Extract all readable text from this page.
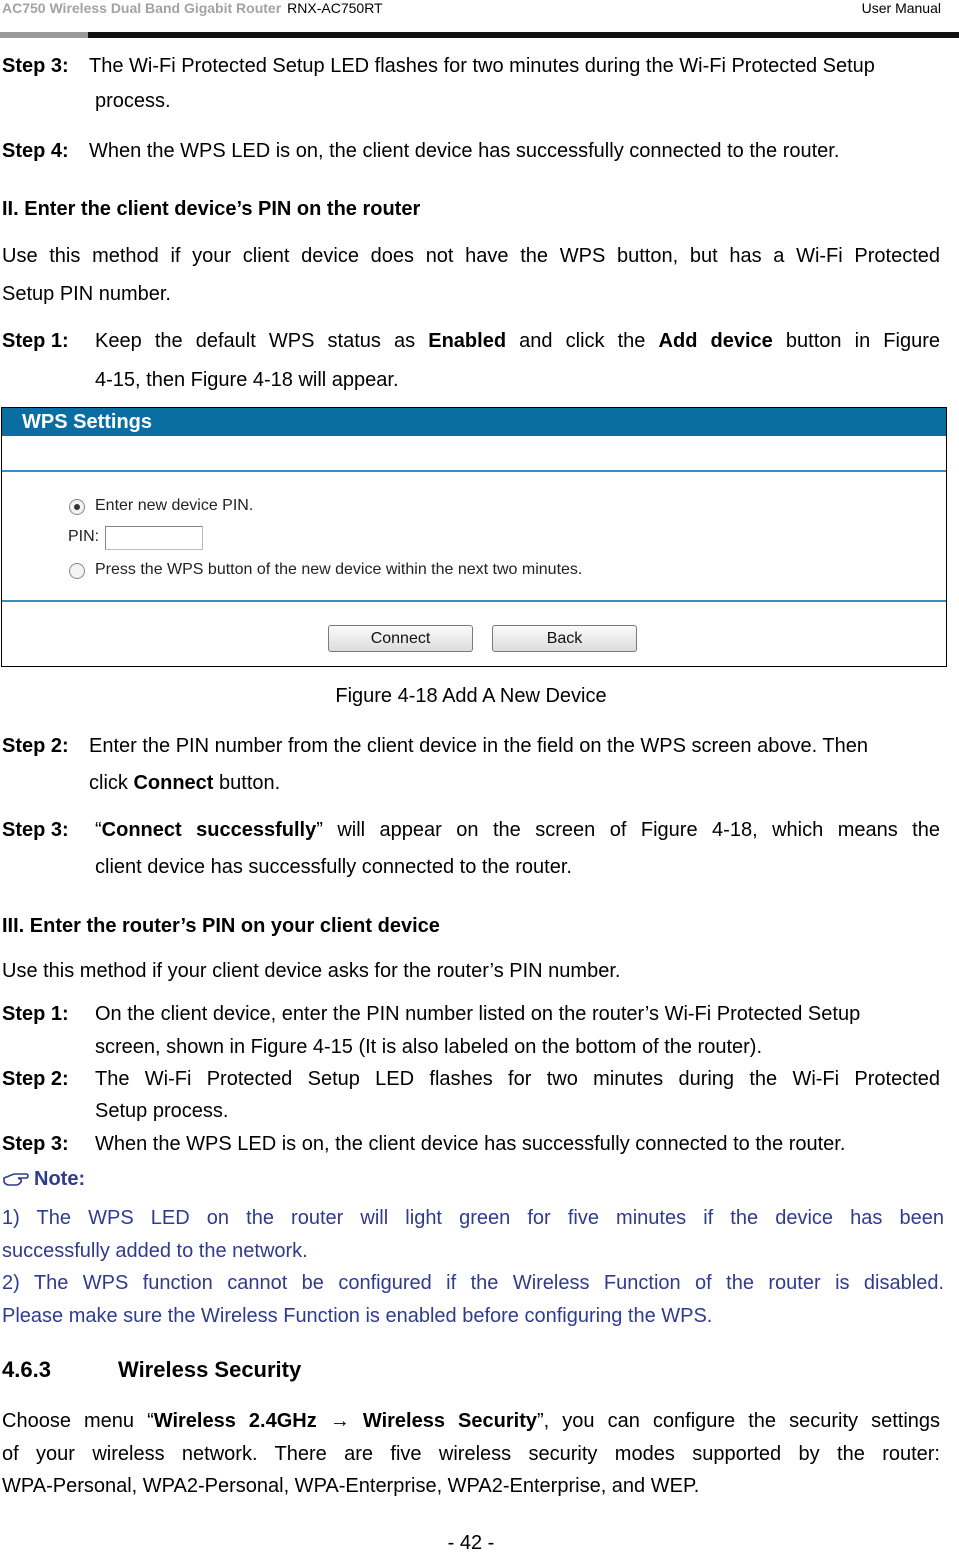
AC750 Wireless Dual Band Gigabit Router RNX-AC750RT	User Manual
Step 3: The Wi-Fi Protected Setup LED flashes for two minutes during the Wi-Fi Protected Setup
process.
Step 4: When the WPS LED is on, the client device has successfully connected to the router.
II. Enter the client device’s PIN on the router
Use this method if your client device does not have the WPS button, but has a Wi-Fi Protected
Setup PIN number.
Step 1: Keep the default WPS status as Enabled and click the Add device button in Figure
4-15, then Figure 4-18 will appear.
WPS Settings
Enter new device PIN.
PIN:
Press the WPS button of the new device within the next two minutes.
Connect	Back
Figure 4-18 Add A New Device
Step 2: Enter the PIN number from the client device in the field on the WPS screen above. Then
click Connect button.
Step 3: “Connect successfully” will appear on the screen of Figure 4-18, which means the
client device has successfully connected to the router.
III. Enter the router’s PIN on your client device
Use this method if your client device asks for the router’s PIN number.
Step 1: On the client device, enter the PIN number listed on the router’s Wi-Fi Protected Setup
screen, shown in Figure 4-15 (It is also labeled on the bottom of the router).
Step 2: The Wi-Fi Protected Setup LED flashes for two minutes during the Wi-Fi Protected
Setup process.
Step 3: When the WPS LED is on, the client device has successfully connected to the router.
Note:
1) The WPS LED on the router will light green for five minutes if the device has been
successfully added to the network.
2) The WPS function cannot be configured if the Wireless Function of the router is disabled.
Please make sure the Wireless Function is enabled before configuring the WPS.
4.6.3	Wireless Security
Choose menu “Wireless 2.4GHz → Wireless Security”, you can configure the security settings
of your wireless network. There are five wireless security modes supported by the router:
WPA-Personal, WPA2-Personal, WPA-Enterprise, WPA2-Enterprise, and WEP.
- 42 -
